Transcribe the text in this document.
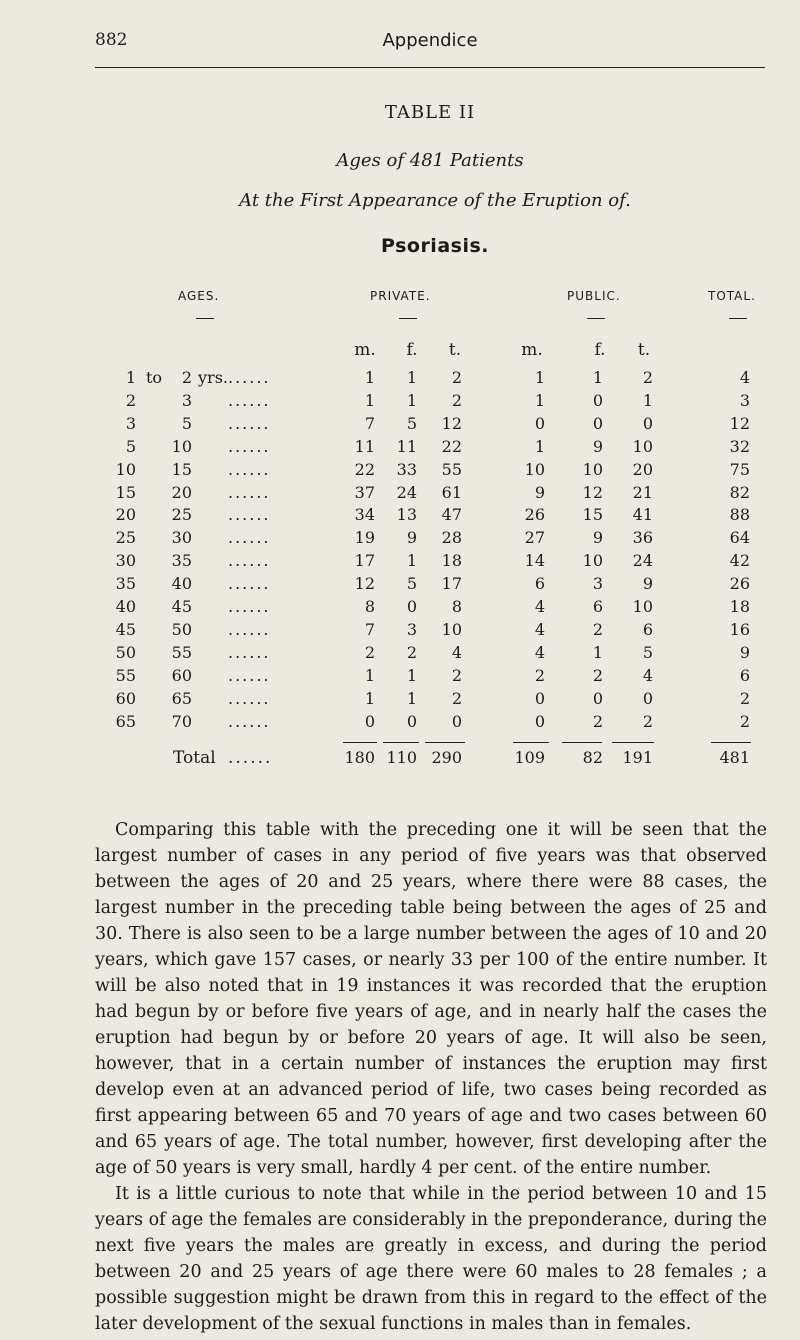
882	Appendice
TABLE II
Ages of 481 Patients
At the First Appearance of the Eruption of.
Psoriasis.
AGES.	PRIVATE.	PUBLIC.	TOTAL.
m.	f.	t.	m.	f.	t.
1 to	2 yrs.	1	1	2	1	1	2	4
......
2	3	1	1	2	1	0	1	3
......
3	5	7	5	12	0	0	0	12
......
5	10	11	11	22	1	9	10	32
......
10	15	22	33	55	10	10	20	75
......
15	20	37	24	61	9	12	21	82
......
20	25	34	13	47	26	15	41	88
......
25	30	19	9	28	27	9	36	64
......
30	35	17	1	18	14	10	24	42
......
35	40	12	5	17	6	3	9	26
......
40	45	8	0	8	4	6	10	18
......
45	50	7	3	10	4	2	6	16
......
50	55	2	2	4	4	1	5	9
......
55	60	1	1	2	2	2	4	6
......
60	65	1	1	2	0	0	0	2
......
65	70	0	0	0	0	2	2	2
......
Total ......	180 110 290	109	82	191	481

Comparing this table with the preceding one it will be seen that the largest number of cases in any period of five years was that observed between the ages of 20 and 25 years, where there were 88 cases, the largest number in the preceding table being between the ages of 25 and 30. There is also seen to be a large number between the ages of 10 and 20 years, which gave 157 cases, or nearly 33 per 100 of the entire number. It will be also noted that in 19 instances it was recorded that the eruption had begun by or before five years of age, and in nearly half the cases the eruption had begun by or before 20 years of age. It will also be seen, however, that in a certain number of instances the eruption may first develop even at an advanced period of life, two cases being recorded as first appearing between 65 and 70 years of age and two cases between 60 and 65 years of age. The total number, however, first developing after the age of 50 years is very small, hardly 4 per cent. of the entire number.

It is a little curious to note that while in the period between 10 and 15 years of age the females are considerably in the preponderance, during the next five years the males are greatly in excess, and during the period between 20 and 25 years of age there were 60 males to 28 females ; a possible suggestion might be drawn from this in regard to the effect of the later development of the sexual functions in males than in females.
